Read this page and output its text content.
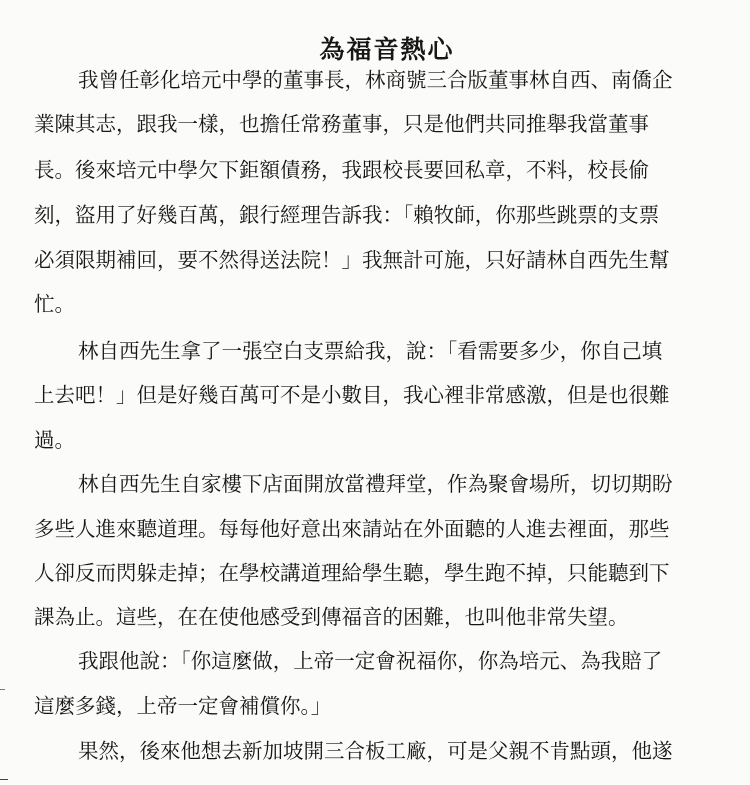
為福音熱心
我曾任彰化培元中學的董事長，林商號三合版董事林自西、南僑企
業陳其志，跟我一樣，也擔任常務董事，只是他們共同推舉我當董事
長。後來培元中學欠下鉅額債務，我跟校長要回私章，不料，校長偷
刻，盜用了好幾百萬，銀行經理告訴我：「賴牧師，你那些跳票的支票
必須限期補回，要不然得送法院！」我無計可施，只好請林自西先生幫
忙。
林自西先生拿了一張空白支票給我，說：「看需要多少，你自己填
上去吧！」但是好幾百萬可不是小數目，我心裡非常感激，但是也很難
過。
林自西先生自家樓下店面開放當禮拜堂，作為聚會場所，切切期盼
多些人進來聽道理。每每他好意出來請站在外面聽的人進去裡面，那些
人卻反而閃躲走掉；在學校講道理給學生聽，學生跑不掉，只能聽到下
課為止。這些，在在使他感受到傳福音的困難，也叫他非常失望。
我跟他說：「你這麼做，上帝一定會祝福你，你為培元、為我賠了
這麼多錢，上帝一定會補償你。」
果然，後來他想去新加坡開三合板工廠，可是父親不肯點頭，他遂
